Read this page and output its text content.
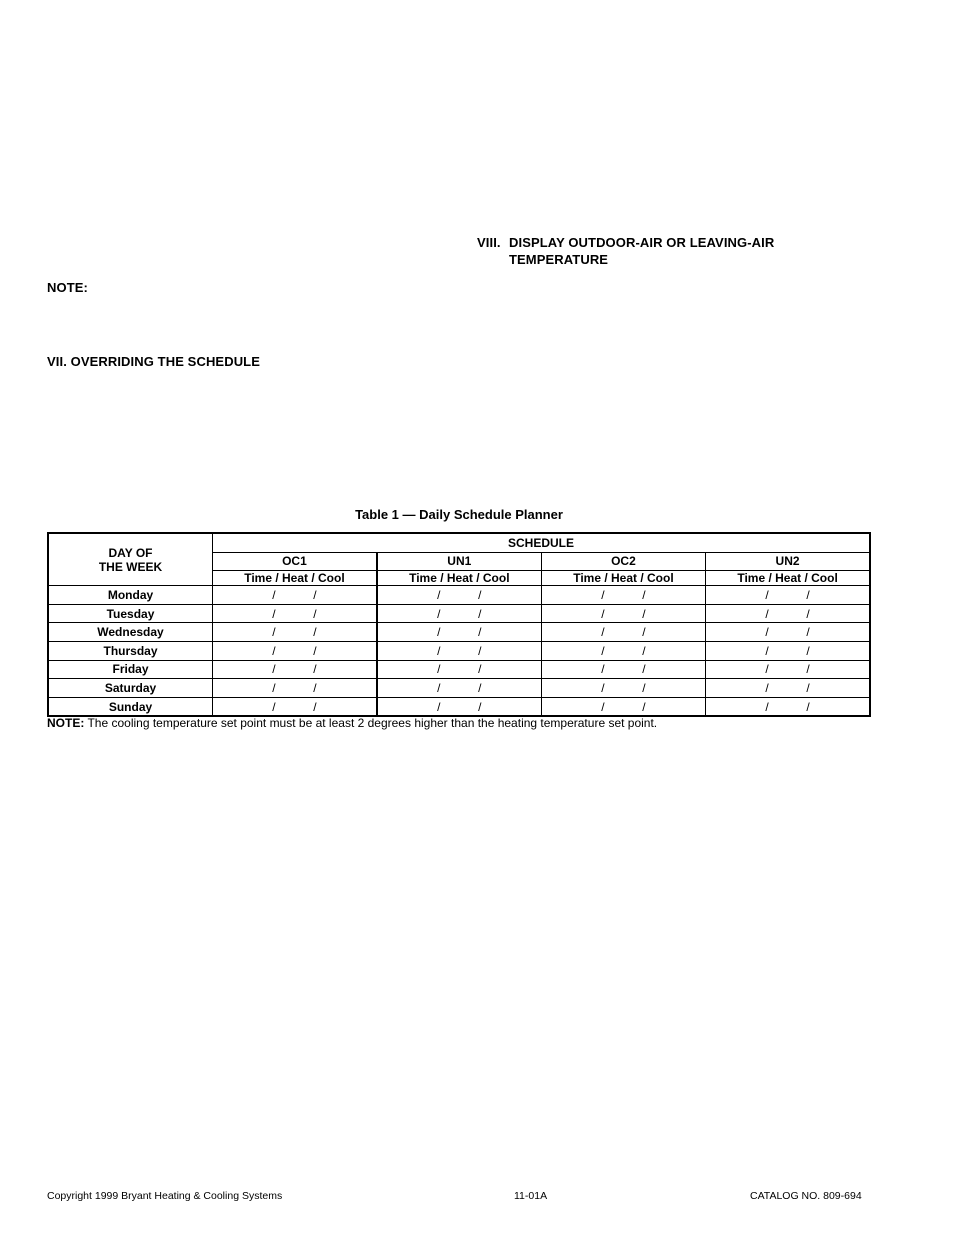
VIII. DISPLAY OUTDOOR-AIR OR LEAVING-AIR
TEMPERATURE
NOTE:
VII. OVERRIDING THE SCHEDULE
Table 1 — Daily Schedule Planner
DAY OF
THE WEEK	SCHEDULE			
	OC1	UN1	OC2	UN2
	Time / Heat / Cool	Time / Heat / Cool	Time / Heat / Cool	Time / Heat / Cool
Monday	/ /	/ /	/ /	/ /
Tuesday	/ /	/ /	/ /	/ /
Wednesday	/ /	/ /	/ /	/ /
Thursday	/ /	/ /	/ /	/ /
Friday	/ /	/ /	/ /	/ /
Saturday	/ /	/ /	/ /	/ /
Sunday	/ /	/ /	/ /	/ /
NOTE: The cooling temperature set point must be at least 2 degrees higher than the heating temperature set point.
Copyright 1999 Bryant Heating & Cooling Systems	11-01A	CATALOG NO. 809-694
